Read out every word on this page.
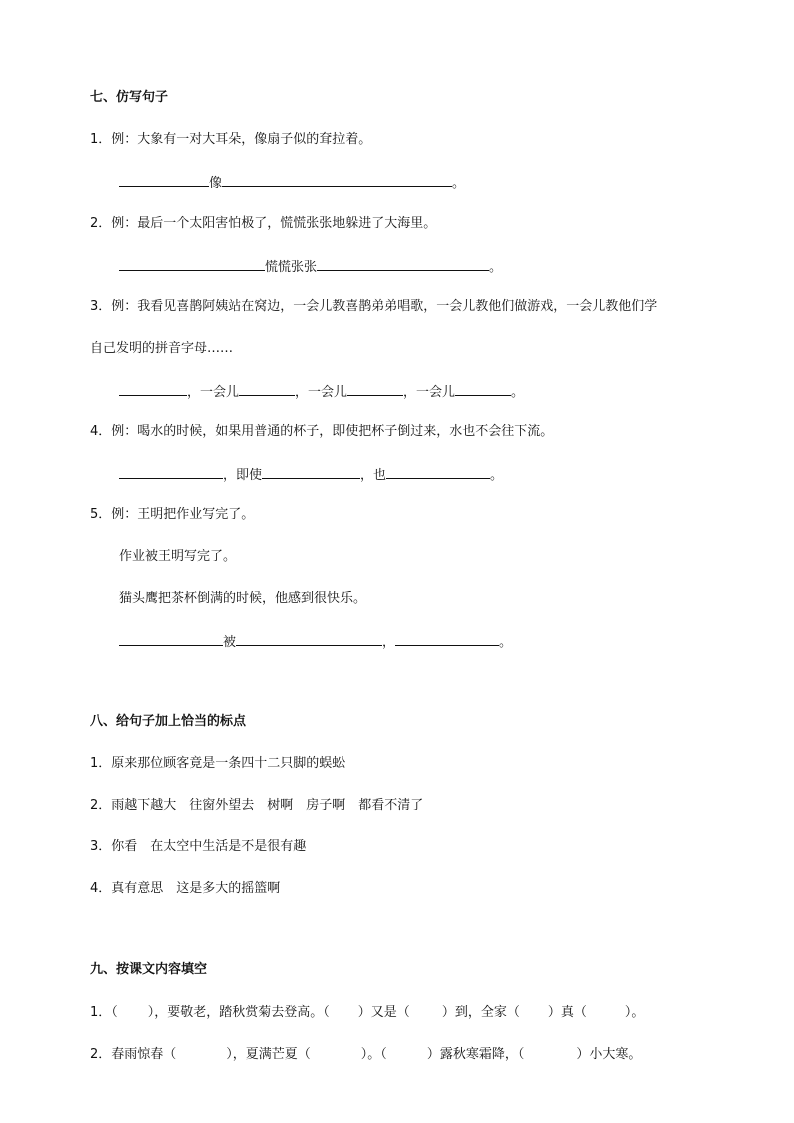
七、仿写句子
1．例：大象有一对大耳朵，像扇子似的耷拉着。
像	。
2．例：最后一个太阳害怕极了，慌慌张张地躲进了大海里。
慌慌张张	。
3．例：我看见喜鹊阿姨站在窝边，一会儿教喜鹊弟弟唱歌，一会儿教他们做游戏，一会儿教他们学
自己发明的拼音字母……
，一会儿	，一会儿	，一会儿	。
4．例：喝水的时候，如果用普通的杯子，即使把杯子倒过来，水也不会往下流。
，即使	，也	。
5．例：王明把作业写完了。
作业被王明写完了。
猫头鹰把茶杯倒满的时候，他感到很快乐。
被	，	。
八、给句子加上恰当的标点
1．原来那位顾客竟是一条四十二只脚的蜈蚣
2．雨越下越大　往窗外望去　树啊　房子啊　都看不清了
3．你看　在太空中生活是不是很有趣
4．真有意思　这是多大的摇篮啊
九、按课文内容填空
1．（ ），要敬老，踏秋赏菊去登高。（ ）又是（ ）到，全家（ ）真（	）。
2．春雨惊春（	），夏满芒夏（	）。（	）露秋寒霜降，（	）小大寒。
